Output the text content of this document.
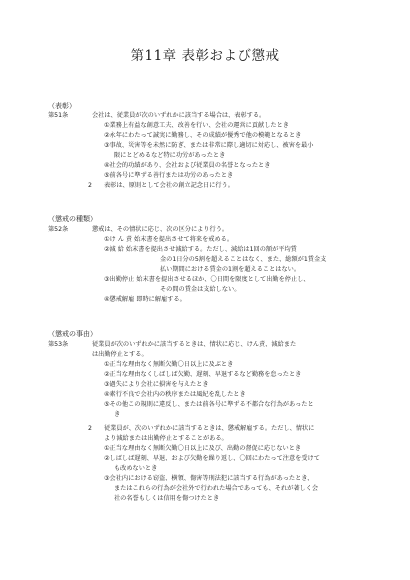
第11章 表彰および懲戒
（表彰）
第51条	会社は、従業員が次のいずれかに該当する場合は、表彰する。
①業務上有益な創意工夫、改善を行い、会社の運営に貢献したとき
②永年にわたって誠実に勤務し、その成績が優秀で他の模範となるとき
③事故、災害等を未然に防ぎ、または非常に際し適切に対応し、被害を最小
限にとどめるなど特に功労があったとき
④社会的功績があり、会社および従業員の名誉となったとき
⑤前各号に準ずる善行または功労のあったとき
2 表彰は、原則として会社の創立記念日に行う。
（懲戒の種類）
第52条	懲戒は、その情状に応じ、次の区分により行う。
①け ん 責 始末書を提出させて将来を戒める。
②減 給 始末書を提出させ減給する。ただし、減給は1回の額が平均賃
金の1日分の5割を超えることはなく、また、総額が1賃金支
払い期間における賃金の1割を超えることはない。
③出勤停止 始末書を提出させるほか、〇日間を限度として出勤を停止し、
その間の賃金は支給しない。
④懲戒解雇 即時に解雇する。
（懲戒の事由）
第53条	従業員が次のいずれかに該当するときは、情状に応じ、けん責、減給また
は出勤停止とする。
①正当な理由なく無断欠勤〇日以上に及ぶとき
②正当な理由なくしばしば欠勤、遅刻、早退するなど勤務を怠ったとき
③過失により会社に損害を与えたとき
④素行不良で会社内の秩序または風紀を乱したとき
⑤その他この規則に違反し、または前各号に準ずる不都合な行為があったと
き
2 従業員が、次のいずれかに該当するときは、懲戒解雇する。ただし、情状に
より減給または出勤停止とすることがある。
①正当な理由なく無断欠勤〇日以上に及び、出勤の督促に応じないとき
②しばしば遅刻、早退、および欠勤を繰り返し、〇回にわたって注意を受けて
も改めないとき
③会社内における窃盗、横領、傷害等刑法犯に該当する行為があったとき、
またはこれらの行為が会社外で行われた場合であっても、それが著しく会
社の名誉もしくは信用を傷つけたとき
